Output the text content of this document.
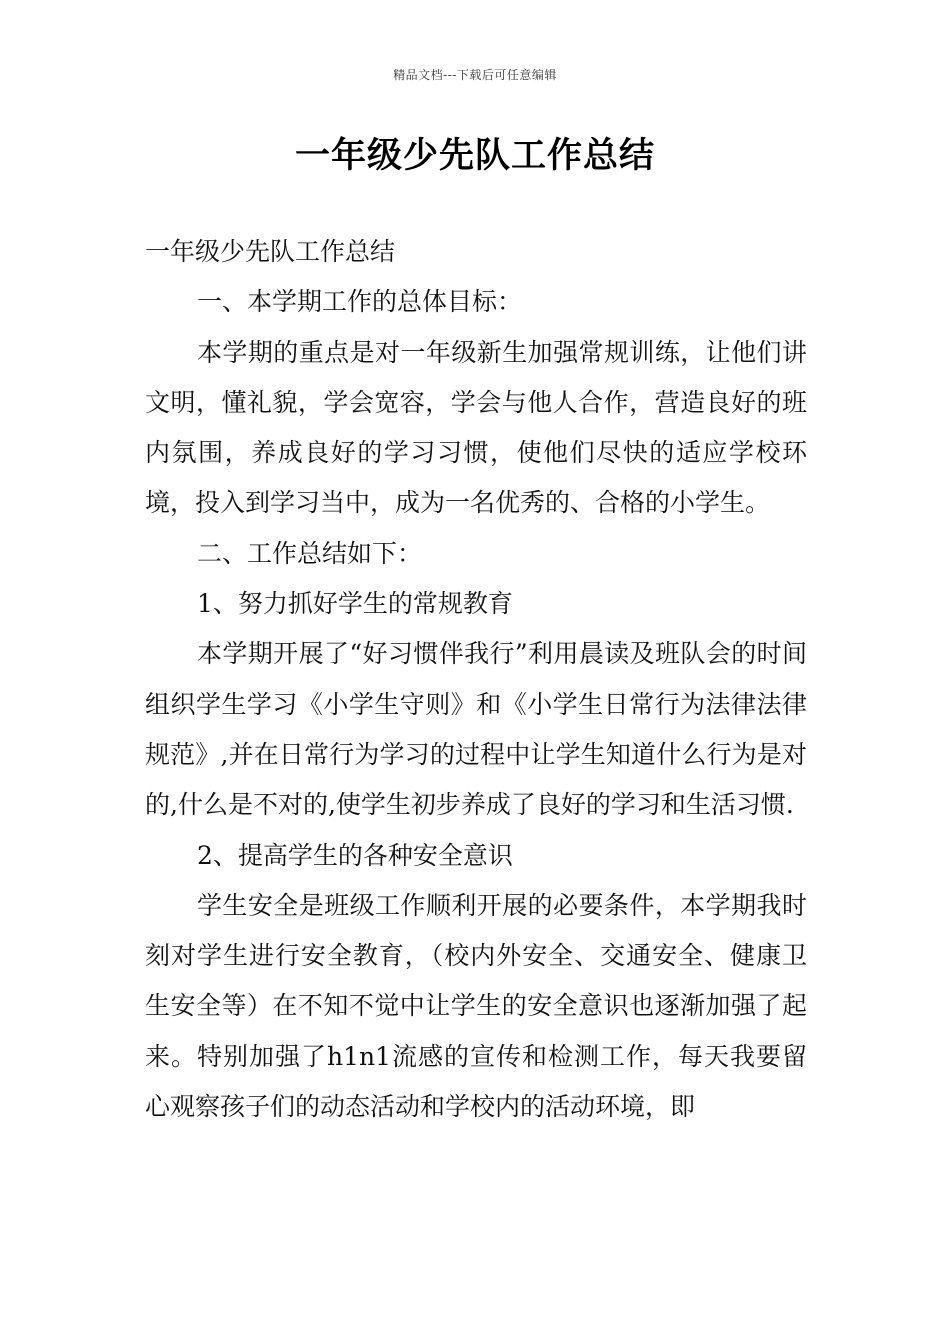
精品文档---下载后可任意编辑
一年级少先队工作总结

一年级少先队工作总结

一、本学期工作的总体目标：

本学期的重点是对一年级新生加强常规训练，让他们讲文明，懂礼貌，学会宽容，学会与他人合作，营造良好的班内氛围，养成良好的学习习惯，使他们尽快的适应学校环境，投入到学习当中，成为一名优秀的、合格的小学生。

二、工作总结如下：

1、努力抓好学生的常规教育

本学期开展了“好习惯伴我行”利用晨读及班队会的时间组织学生学习《小学生守则》和《小学生日常行为法律法律规范》,并在日常行为学习的过程中让学生知道什么行为是对的,什么是不对的,使学生初步养成了良好的学习和生活习惯.

2、提高学生的各种安全意识

学生安全是班级工作顺利开展的必要条件，本学期我时刻对学生进行安全教育，（校内外安全、交通安全、健康卫生安全等）在不知不觉中让学生的安全意识也逐渐加强了起来。特别加强了h1n1流感的宣传和检测工作，每天我要留心观察孩子们的动态活动和学校内的活动环境，即
